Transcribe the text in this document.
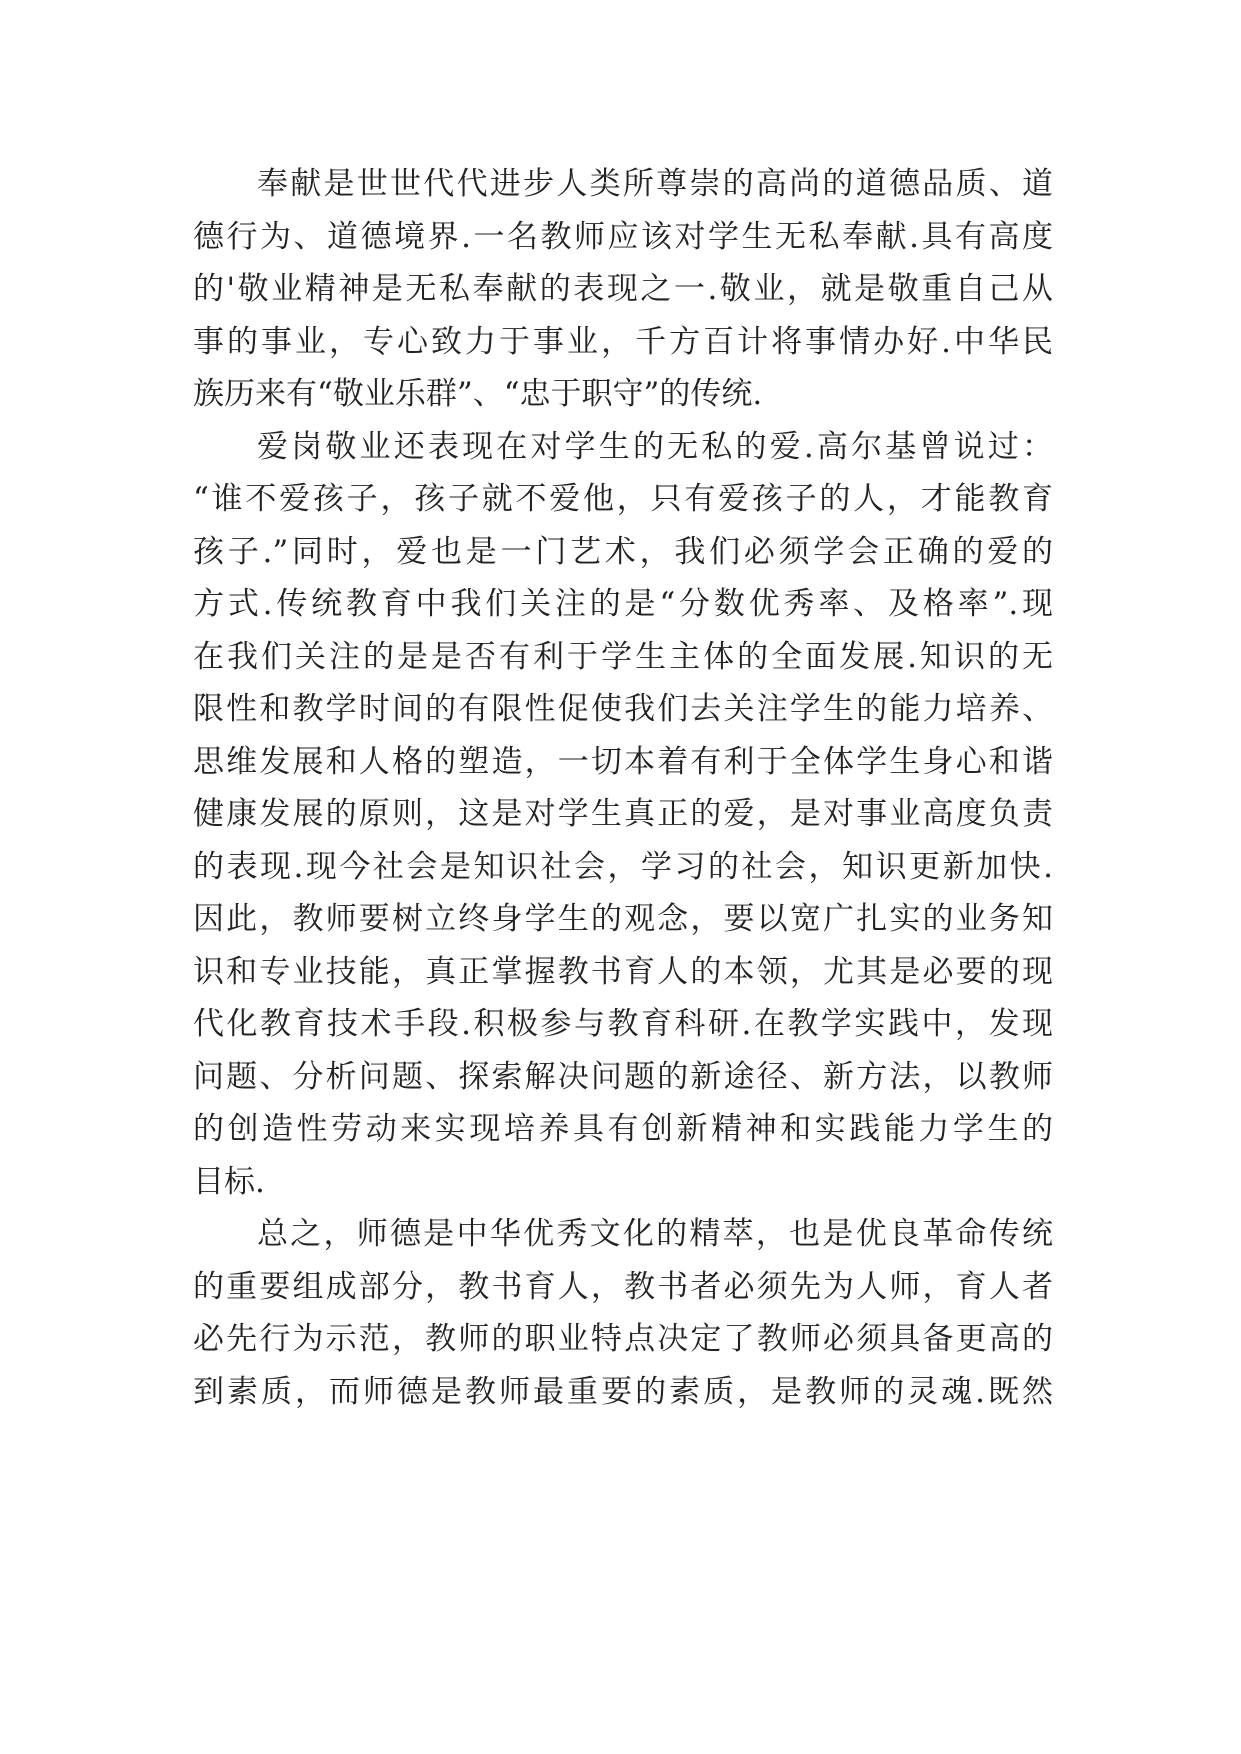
奉献是世世代代进步人类所尊崇的高尚的道德品质、道
德行为、道德境界.一名教师应该对学生无私奉献.具有高度
的'敬业精神是无私奉献的表现之一.敬业，就是敬重自己从
事的事业，专心致力于事业，千方百计将事情办好.中华民
族历来有“敬业乐群”、“忠于职守”的传统.
爱岗敬业还表现在对学生的无私的爱.高尔基曾说过：
“谁不爱孩子，孩子就不爱他，只有爱孩子的人，才能教育
孩子.”同时，爱也是一门艺术，我们必须学会正确的爱的
方式.传统教育中我们关注的是“分数优秀率、及格率”.现
在我们关注的是是否有利于学生主体的全面发展.知识的无
限性和教学时间的有限性促使我们去关注学生的能力培养、
思维发展和人格的塑造，一切本着有利于全体学生身心和谐
健康发展的原则，这是对学生真正的爱，是对事业高度负责
的表现.现今社会是知识社会，学习的社会，知识更新加快.
因此，教师要树立终身学生的观念，要以宽广扎实的业务知
识和专业技能，真正掌握教书育人的本领，尤其是必要的现
代化教育技术手段.积极参与教育科研.在教学实践中，发现
问题、分析问题、探索解决问题的新途径、新方法，以教师
的创造性劳动来实现培养具有创新精神和实践能力学生的
目标.
总之，师德是中华优秀文化的精萃，也是优良革命传统
的重要组成部分，教书育人，教书者必须先为人师，育人者
必先行为示范，教师的职业特点决定了教师必须具备更高的
到素质，而师德是教师最重要的素质，是教师的灵魂.既然
